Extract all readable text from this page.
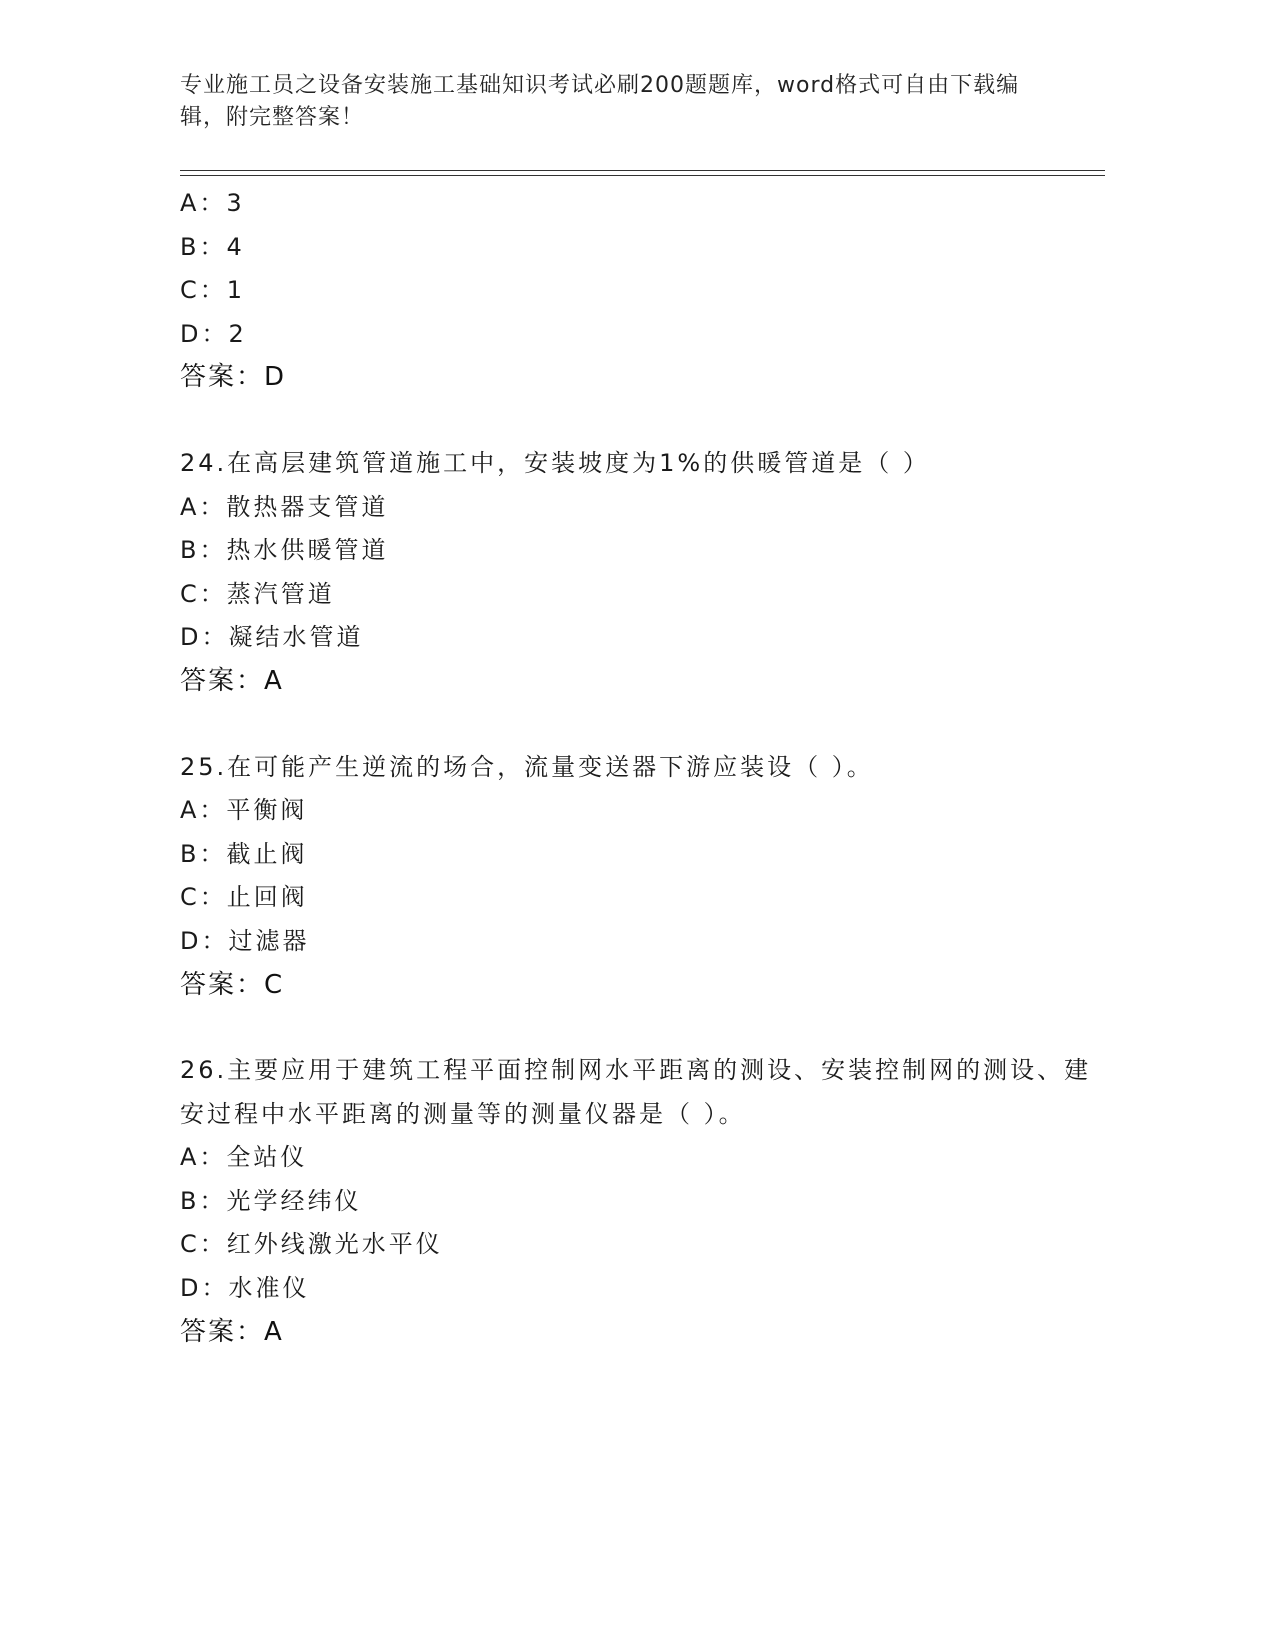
专业施工员之设备安装施工基础知识考试必刷200题题库，word格式可自由下载编辑，附完整答案！
A：3
B：4
C：1
D：2
答案：D
24.在高层建筑管道施工中，安装坡度为1%的供暖管道是（ ）
A：散热器支管道
B：热水供暖管道
C：蒸汽管道
D：凝结水管道
答案：A
25.在可能产生逆流的场合，流量变送器下游应装设（ ）。
A：平衡阀
B：截止阀
C：止回阀
D：过滤器
答案：C
26.主要应用于建筑工程平面控制网水平距离的测设、安装控制网的测设、建安过程中水平距离的测量等的测量仪器是（ ）。
A：全站仪
B：光学经纬仪
C：红外线激光水平仪
D：水准仪
答案：A
